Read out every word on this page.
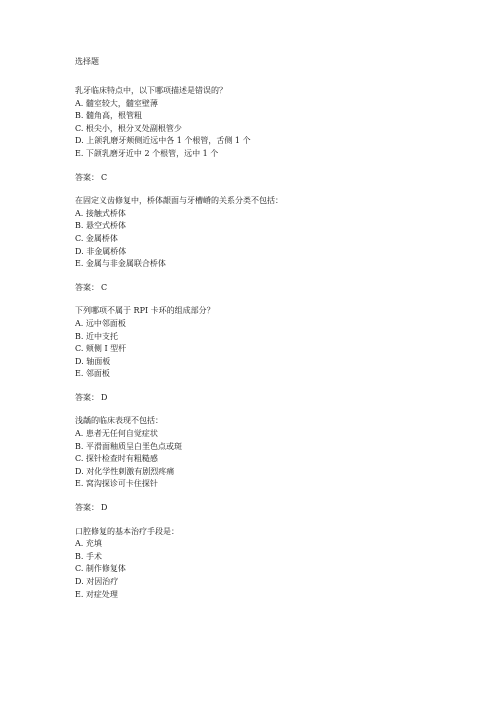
选择题
乳牙临床特点中，以下哪项描述是错误的？
A. 髓室较大，髓室壁薄
B. 髓角高，根管粗
C. 根尖小，根分叉处副根管少
D. 上颌乳磨牙颊侧近远中各 1 个根管，舌侧 1 个
E. 下颌乳磨牙近中 2 个根管，远中 1 个
答案： C
在固定义齿修复中，桥体龈面与牙槽嵴的关系分类不包括：
A. 接触式桥体
B. 悬空式桥体
C. 金属桥体
D. 非金属桥体
E. 金属与非金属联合桥体
答案： C
下列哪项不属于 RPI 卡环的组成部分？
A. 远中邻面板
B. 近中支托
C. 颊侧 I 型杆
D. 轴面板
E. 邻面板
答案： D
浅龋的临床表现不包括：
A. 患者无任何自觉症状
B. 平滑面釉质呈白垩色点或斑
C. 探针检查时有粗糙感
D. 对化学性刺激有剧烈疼痛
E. 窝沟探诊可卡住探针
答案： D
口腔修复的基本治疗手段是：
A. 充填
B. 手术
C. 制作修复体
D. 对因治疗
E. 对症处理
